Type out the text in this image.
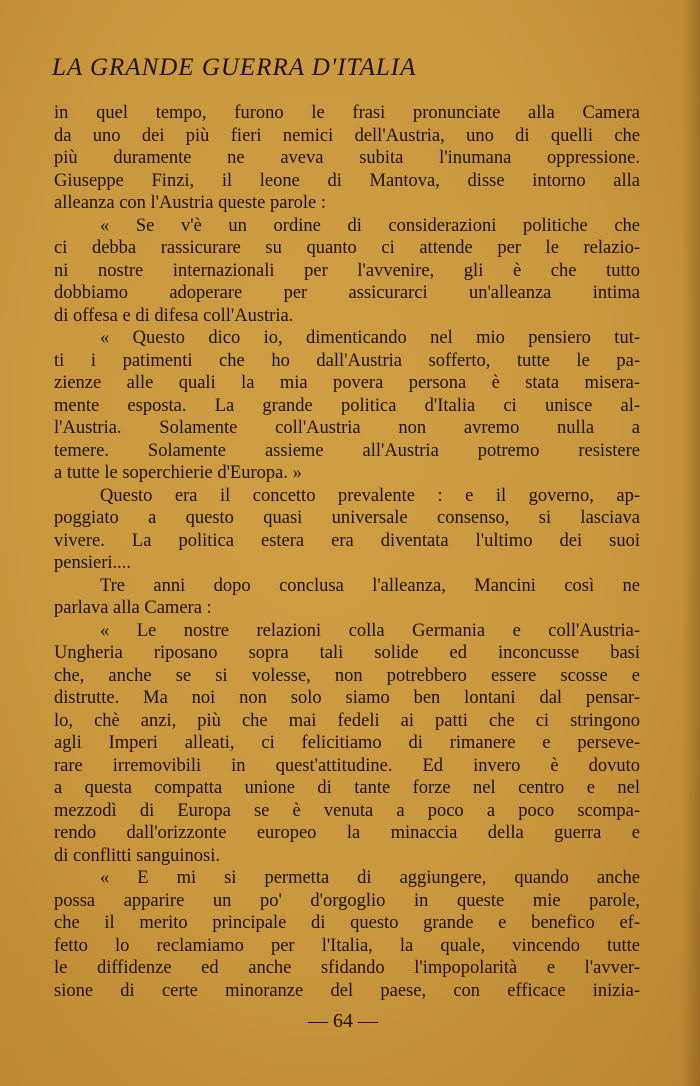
LA GRANDE GUERRA D'ITALIA
in quel tempo, furono le frasi pronunciate alla Camera
da uno dei più fieri nemici dell'Austria, uno di quelli che
più duramente ne aveva subita l'inumana oppressione.
Giuseppe Finzi, il leone di Mantova, disse intorno alla
alleanza con l'Austria queste parole :
« Se v'è un ordine di considerazioni politiche che
ci debba rassicurare su quanto ci attende per le relazio-
ni nostre internazionali per l'avvenire, gli è che tutto
dobbiamo adoperare per assicurarci un'alleanza intima
di offesa e di difesa coll'Austria.
« Questo dico io, dimenticando nel mio pensiero tut-
ti i patimenti che ho dall'Austria sofferto, tutte le pa-
zienze alle quali la mia povera persona è stata misera-
mente esposta. La grande politica d'Italia ci unisce al-
l'Austria. Solamente coll'Austria non avremo nulla a
temere. Solamente assieme all'Austria potremo resistere
a tutte le soperchierie d'Europa. »
Questo era il concetto prevalente : e il governo, ap-
poggiato a questo quasi universale consenso, si lasciava
vivere. La politica estera era diventata l'ultimo dei suoi
pensieri....
Tre anni dopo conclusa l'alleanza, Mancini così ne
parlava alla Camera :
« Le nostre relazioni colla Germania e coll'Austria-
Ungheria riposano sopra tali solide ed inconcusse basi
che, anche se si volesse, non potrebbero essere scosse e
distrutte. Ma noi non solo siamo ben lontani dal pensar-
lo, chè anzi, più che mai fedeli ai patti che ci stringono
agli Imperi alleati, ci felicitiamo di rimanere e persеve-
rare irremovibili in quest'attitudine. Ed invero è dovuto
a questa compatta unione di tante forze nel centro e nel
mezzodì di Europa se è venuta a poco a poco scompa-
rendo dall'orizzonte europeo la minaccia della guerra e
di conflitti sanguinosi.
« E mi si permetta di aggiungere, quando anche
possa apparire un po' d'orgoglio in queste mie parole,
che il merito principale di questo grande e benefico ef-
fetto lo reclamiamo per l'Italia, la quale, vincendo tutte
le diffidenze ed anche sfidando l'impopolarità e l'avver-
sione di certe minoranze del paese, con efficace inizia-
— 64 —
